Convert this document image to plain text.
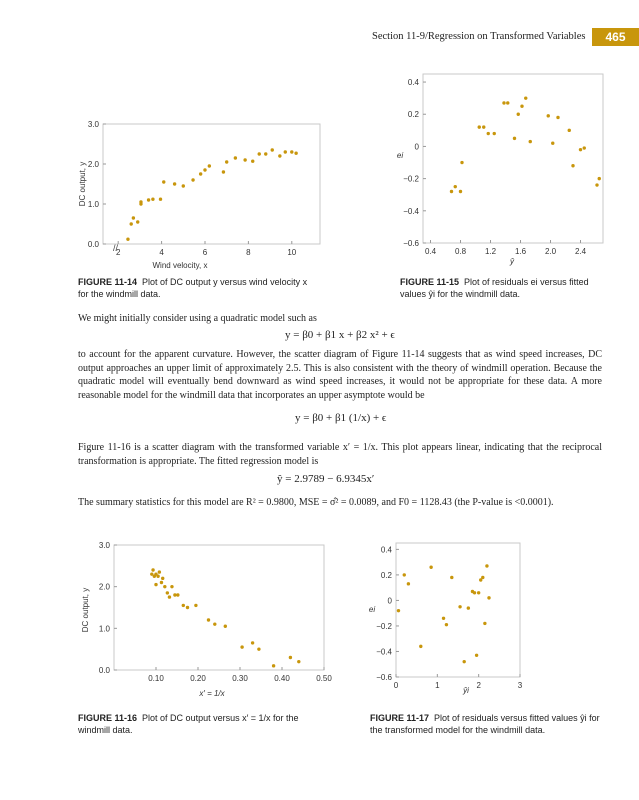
Section 11-9/Regression on Transformed Variables	465
2	4	6	8	10
0.0
1.0
2.0
3.0
//
Wind velocity, x
DC output, y
0.4 0.8 1.2 1.6 2.0 2.4
0.4
0.2
0
−0.2
−0.4
−0.6
ŷ
ei
FIGURE 11-14 Plot of DC output y versus wind velocity x for the windmill data.
FIGURE 11-15 Plot of residuals ei versus fitted values ŷi for the windmill data.
We might initially consider using a quadratic model such as
y = β0 + β1 x + β2 x² + ϵ
to account for the apparent curvature. However, the scatter diagram of Figure 11-14 suggests that as wind speed increases, DC output approaches an upper limit of approximately 2.5. This is also consistent with the theory of windmill operation. Because the quadratic model will eventually bend downward as wind speed increases, it would not be appropriate for these data. A more reasonable model for the windmill data that incorporates an upper asymptote would be
y = β0 + β1 (1/x) + ϵ
Figure 11-16 is a scatter diagram with the transformed variable x′ = 1/x. This plot appears linear, indicating that the reciprocal transformation is appropriate. The fitted regression model is
ŷ = 2.9789 − 6.9345x′
The summary statistics for this model are R² = 0.9800, MSE = σ̂² = 0.0089, and F0 = 1128.43 (the P-value is <0.0001).
0.10	0.20	0.30	0.40	0.50
0.0
1.0
2.0
3.0
x′ = 1/x
DC output, y
0	1	2	3
0.4
0.2
0
−0.2
−0.4
−0.6
ŷi
ei
FIGURE 11-16 Plot of DC output versus x′ = 1/x for the windmill data.
FIGURE 11-17 Plot of residuals versus fitted values ŷi for the transformed model for the windmill data.
